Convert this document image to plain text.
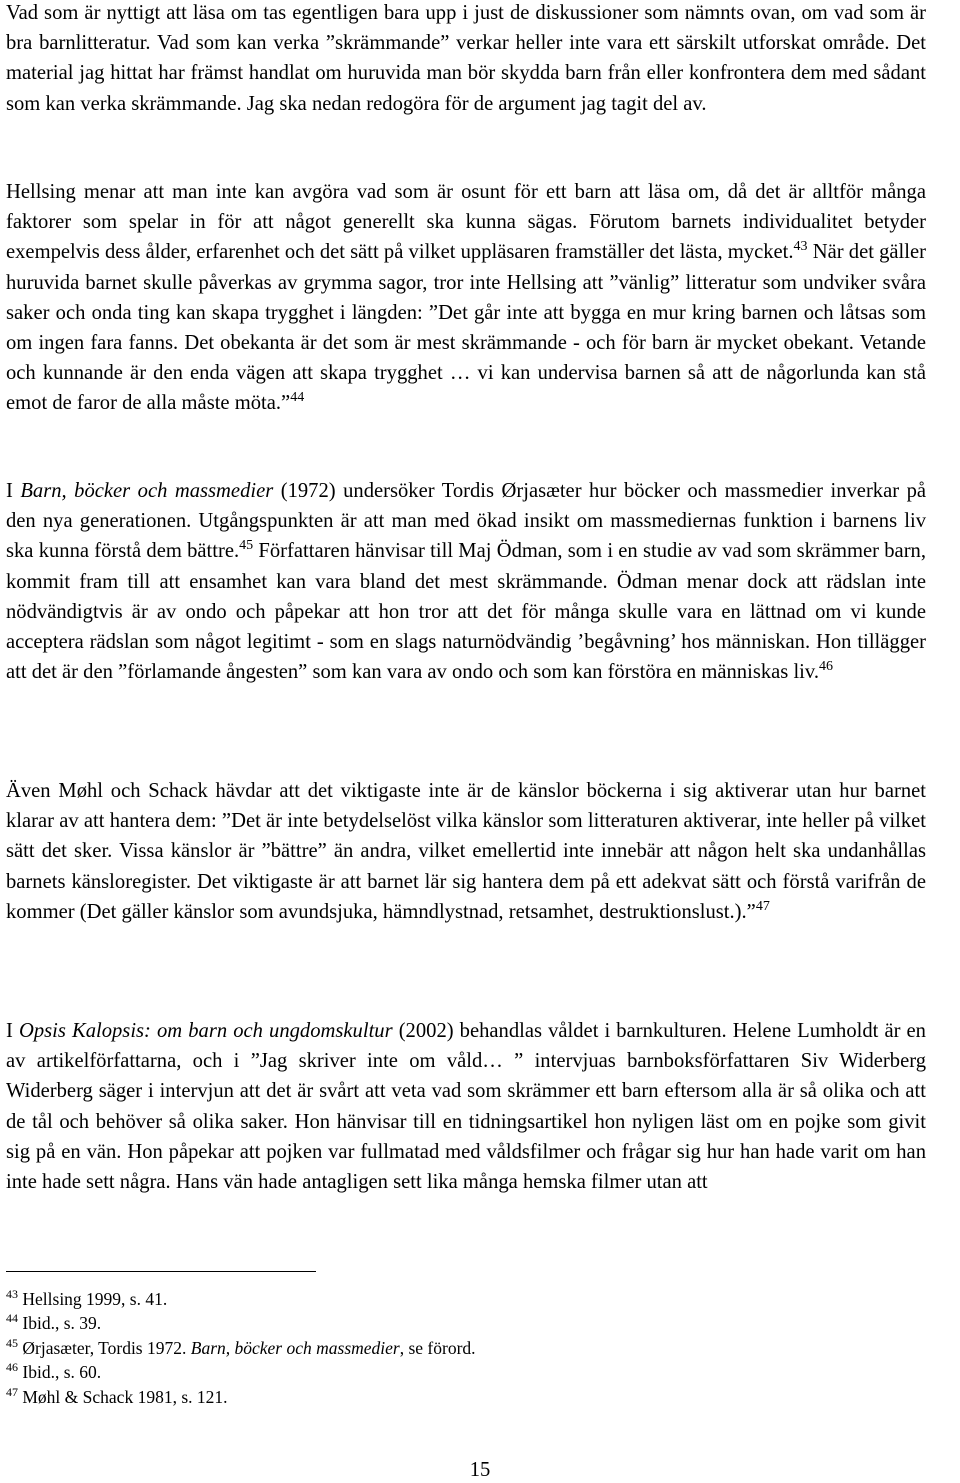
Vad som är nyttigt att läsa om tas egentligen bara upp i just de diskussioner som nämnts ovan, om vad som är bra barnlitteratur. Vad som kan verka ”skrämmande” verkar heller inte vara ett särskilt utforskat område. Det material jag hittat har främst handlat om huruvida man bör skydda barn från eller konfrontera dem med sådant som kan verka skrämmande. Jag ska nedan redogöra för de argument jag tagit del av.

Hellsing menar att man inte kan avgöra vad som är osunt för ett barn att läsa om, då det är alltför många faktorer som spelar in för att något generellt ska kunna sägas. Förutom barnets individualitet betyder exempelvis dess ålder, erfarenhet och det sätt på vilket uppläsaren framställer det lästa, mycket.$^{43}$ När det gäller huruvida barnet skulle påverkas av grymma sagor, tror inte Hellsing att ”vänlig” litteratur som undviker svåra saker och onda ting kan skapa trygghet i längden: ”Det går inte att bygga en mur kring barnen och låtsas som om ingen fara fanns. Det obekanta är det som är mest skrämmande - och för barn är mycket obekant. Vetande och kunnande är den enda vägen att skapa trygghet … vi kan undervisa barnen så att de någorlunda kan stå emot de faror de alla måste möta.”$^{44}$

I Barn, böcker och massmedier (1972) undersöker Tordis Ørjasæter hur böcker och massmedier inverkar på den nya generationen. Utgångspunkten är att man med ökad insikt om massmediernas funktion i barnens liv ska kunna förstå dem bättre.$^{45}$ Författaren hänvisar till Maj Ödman, som i en studie av vad som skrämmer barn, kommit fram till att ensamhet kan vara bland det mest skrämmande. Ödman menar dock att rädslan inte nödvändigtvis är av ondo och påpekar att hon tror att det för många skulle vara en lättnad om vi kunde acceptera rädslan som något legitimt - som en slags naturnödvändig ’begåvning’ hos människan. Hon tillägger att det är den ”förlamande ångesten” som kan vara av ondo och som kan förstöra en människas liv.$^{46}$

Även Møhl och Schack hävdar att det viktigaste inte är de känslor böckerna i sig aktiverar utan hur barnet klarar av att hantera dem: ”Det är inte betydelselöst vilka känslor som litteraturen aktiverar, inte heller på vilket sätt det sker. Vissa känslor är ”bättre” än andra, vilket emellertid inte innebär att någon helt ska undanhållas barnets känsloregister. Det viktigaste är att barnet lär sig hantera dem på ett adekvat sätt och förstå varifrån de kommer (Det gäller känslor som avundsjuka, hämndlystnad, retsamhet, destruktionslust.).”$^{47}$

I Opsis Kalopsis: om barn och ungdomskultur (2002) behandlas våldet i barnkulturen. Helene Lumholdt är en av artikelförfattarna, och i ”Jag skriver inte om våld… ” intervjuas barnboksförfattaren Siv Widerberg Widerberg säger i intervjun att det är svårt att veta vad som skrämmer ett barn eftersom alla är så olika och att de tål och behöver så olika saker. Hon hänvisar till en tidningsartikel hon nyligen läst om en pojke som givit sig på en vän. Hon påpekar att pojken var fullmatad med våldsfilmer och frågar sig hur han hade varit om han inte hade sett några. Hans vän hade antagligen sett lika många hemska filmer utan att

$^{43}$ Hellsing 1999, s. 41.

$^{44}$ Ibid., s. 39.

$^{45}$ Ørjasæter, Tordis 1972. Barn, böcker och massmedier, se förord.

$^{46}$ Ibid., s. 60.

$^{47}$ Møhl & Schack 1981, s. 121.

15
